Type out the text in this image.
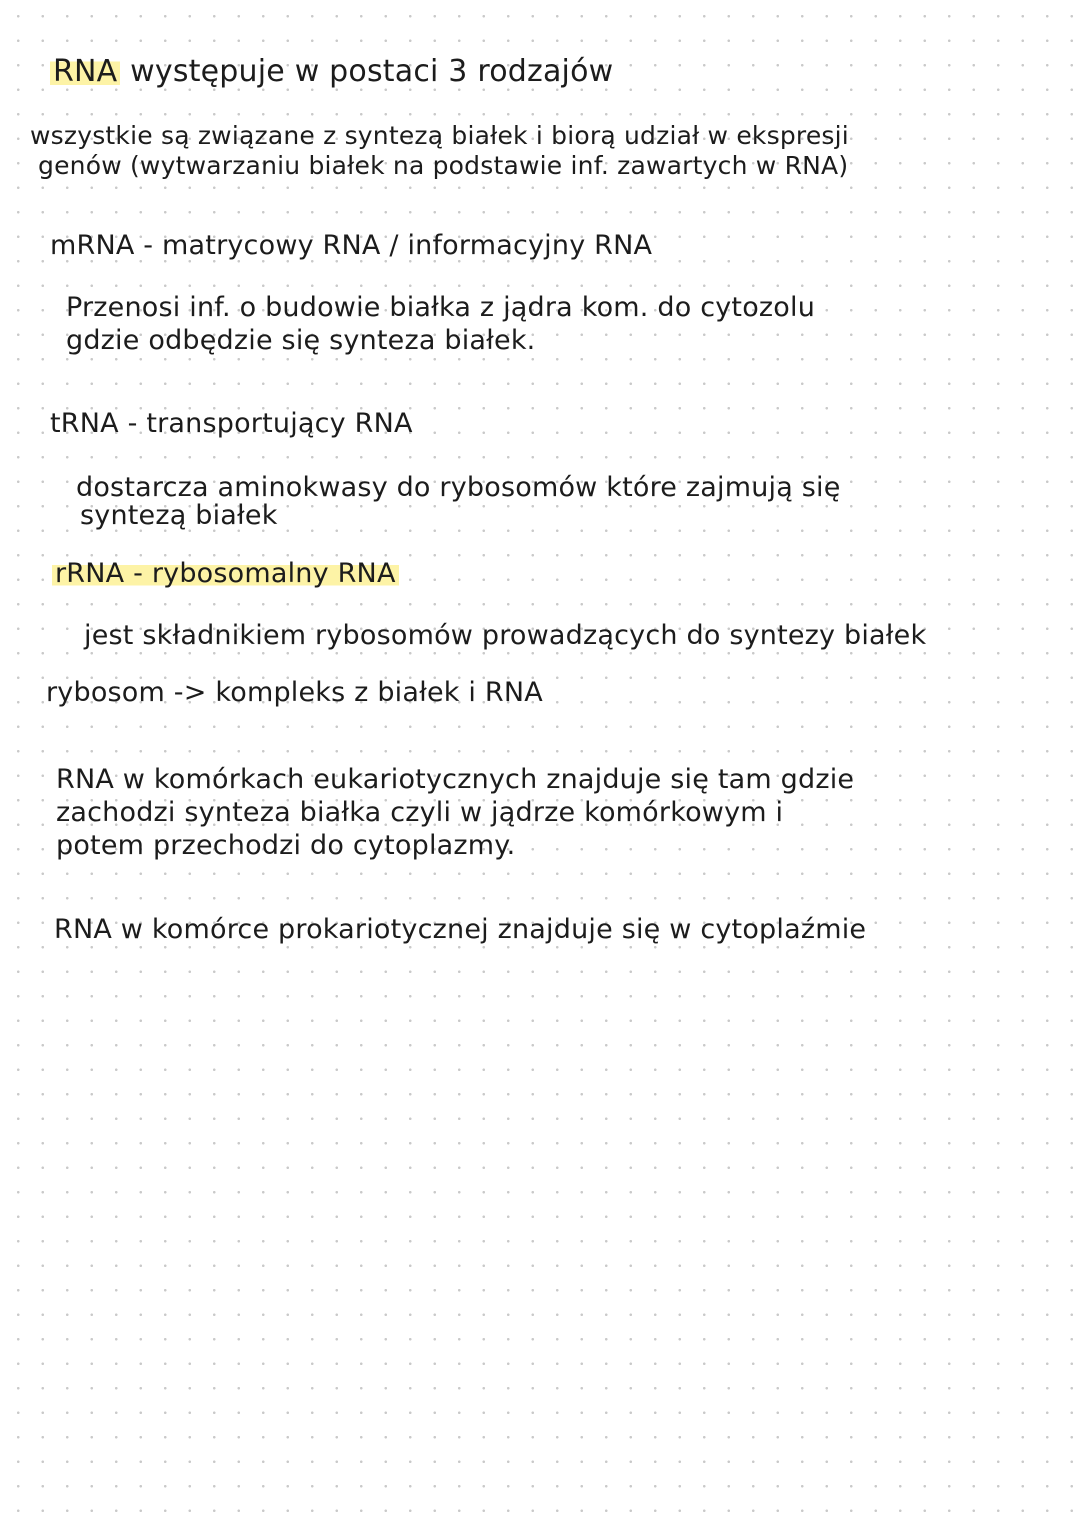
RNA występuje w postaci 3 rodzajów
wszystkie są związane z syntezą białek i biorą udział w ekspresji
genów (wytwarzaniu białek na podstawie inf. zawartych w RNA)
mRNA - matrycowy RNA / informacyjny RNA
Przenosi inf. o budowie białka z jądra kom. do cytozolu
gdzie odbędzie się synteza białek.
tRNA - transportujący RNA
dostarcza aminokwasy do rybosomów które zajmują się
syntezą białek
rRNA - rybosomalny RNA
jest składnikiem rybosomów prowadzących do syntezy białek
rybosom -> kompleks z białek i RNA
RNA w komórkach eukariotycznych znajduje się tam gdzie
zachodzi synteza białka czyli w jądrze komórkowym i
potem przechodzi do cytoplazmy.
RNA w komórce prokariotycznej znajduje się w cytoplaźmie
